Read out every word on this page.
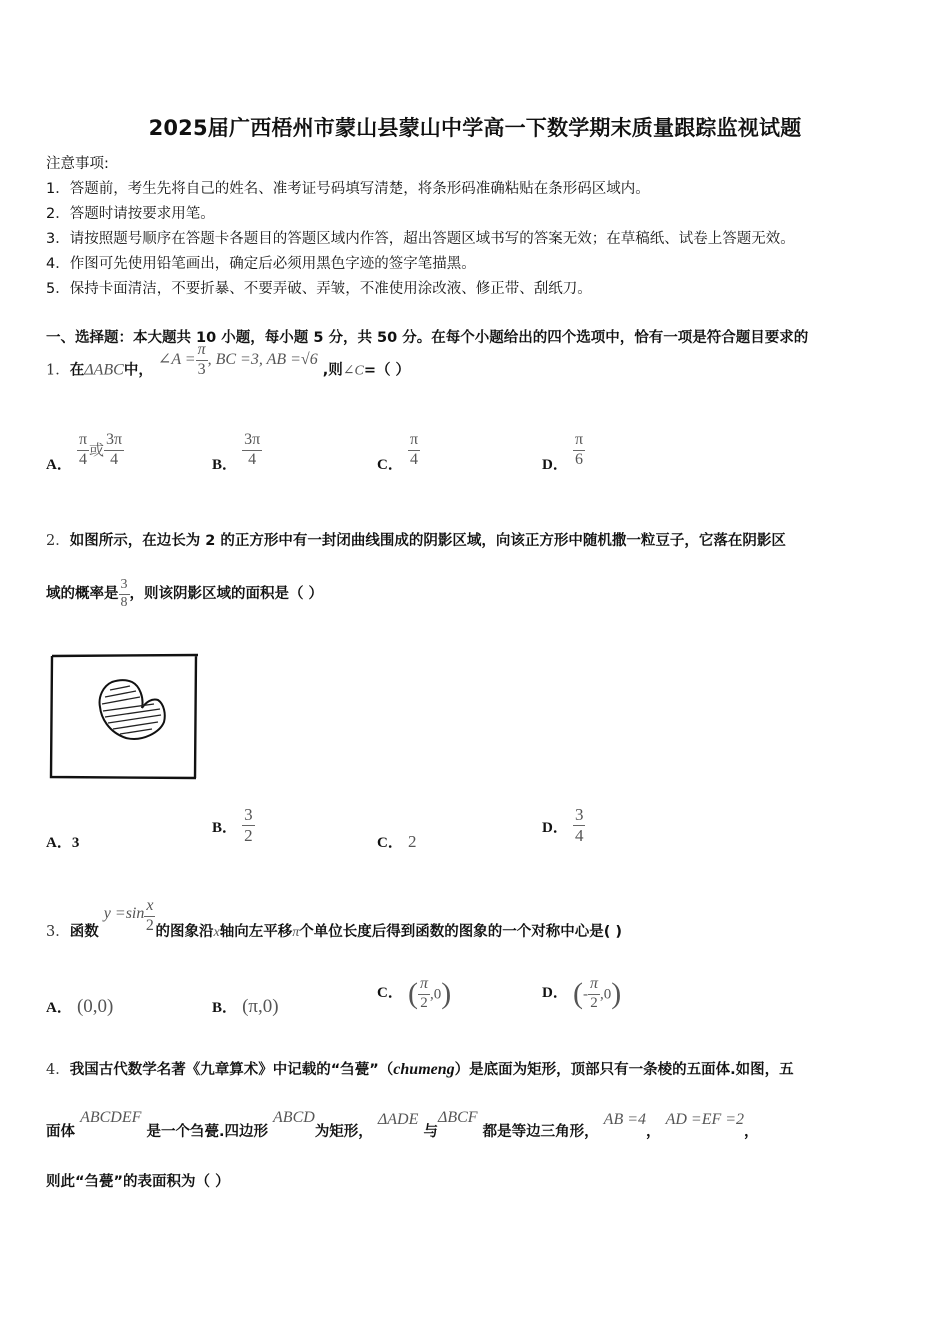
2025届广西梧州市蒙山县蒙山中学高一下数学期末质量跟踪监视试题
注意事项:
1．答题前，考生先将自己的姓名、准考证号码填写清楚，将条形码准确粘贴在条形码区域内。
2．答题时请按要求用笔。
3．请按照题号顺序在答题卡各题目的答题区域内作答，超出答题区域书写的答案无效；在草稿纸、试卷上答题无效。
4．作图可先使用铅笔画出，确定后必须用黑色字迹的签字笔描黑。
5．保持卡面清洁，不要折暴、不要弄破、弄皱，不准使用涂改液、修正带、刮纸刀。
一、选择题：本大题共 10 小题，每小题 5 分，共 50 分。在每个小题给出的四个选项中，恰有一项是符合题目要求的
1．在ΔABC中， ∠A = $\frac{\pi}{3}$ , BC =3, AB =√6 ,则∠C=（ ）
A． $\frac{\pi}{4}$ 或 $\frac{3\pi}{4}$	B． $\frac{3\pi}{4}$	C． $\frac{\pi}{4}$	D． $\frac{\pi}{6}$
2．如图所示，在边长为 2 的正方形中有一封闭曲线围成的阴影区域，向该正方形中随机撒一粒豆子，它落在阴影区
域的概率是 $\frac{3}{8}$ ，则该阴影区域的面积是（ ）
A．3
B． $\frac{3}{2}$	C． 2
D． $\frac{3}{4}$
3．函数 $y =\sin \frac{x}{2}$ 的图象沿x轴向左平移π个单位长度后得到函数的图象的一个对称中心是( )
A． (0,0)	B． (π,0)
C． ( $\frac{\pi}{2} ,0$)	D． (- $\frac{\pi}{2} ,0$)
4．我国古代数学名著《九章算术》中记载的“刍甍”（chumeng）是底面为矩形，顶部只有一条棱的五面体.如图，五
面体 ABCDEF 是一个刍甍.四边形 ABCD为矩形， ΔADE 与ΔBCF 都是等边三角形， AB =4， AD =EF =2，
则此“刍甍”的表面积为（ ）
